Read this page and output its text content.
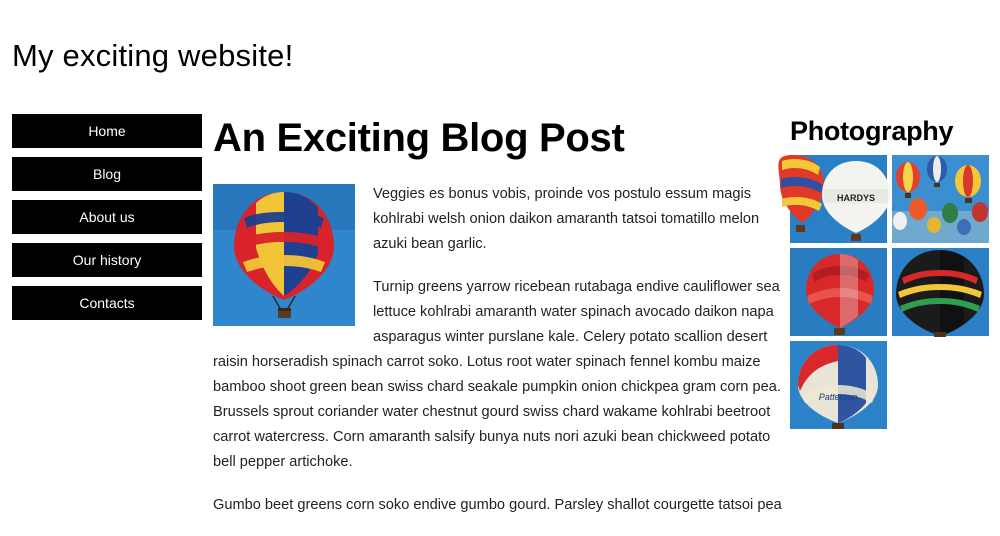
My exciting website!
Home
Blog
About us
Our history
Contacts
An Exciting Blog Post

Veggies es bonus vobis, proinde vos postulo essum magis kohlrabi welsh onion daikon amaranth tatsoi tomatillo melon azuki bean garlic.

Turnip greens yarrow ricebean rutabaga endive cauliflower sea lettuce kohlrabi amaranth water spinach avocado daikon napa asparagus winter purslane kale. Celery potato scallion desert raisin horseradish spinach carrot soko. Lotus root water spinach fennel kombu maize bamboo shoot green bean swiss chard seakale pumpkin onion chickpea gram corn pea. Brussels sprout coriander water chestnut gourd swiss chard wakame kohlrabi beetroot carrot watercress. Corn amaranth salsify bunya nuts nori azuki bean chickweed potato bell pepper artichoke.

Gumbo beet greens corn soko endive gumbo gourd. Parsley shallot courgette tatsoi pea

Photography
HARDYS
Patterson
